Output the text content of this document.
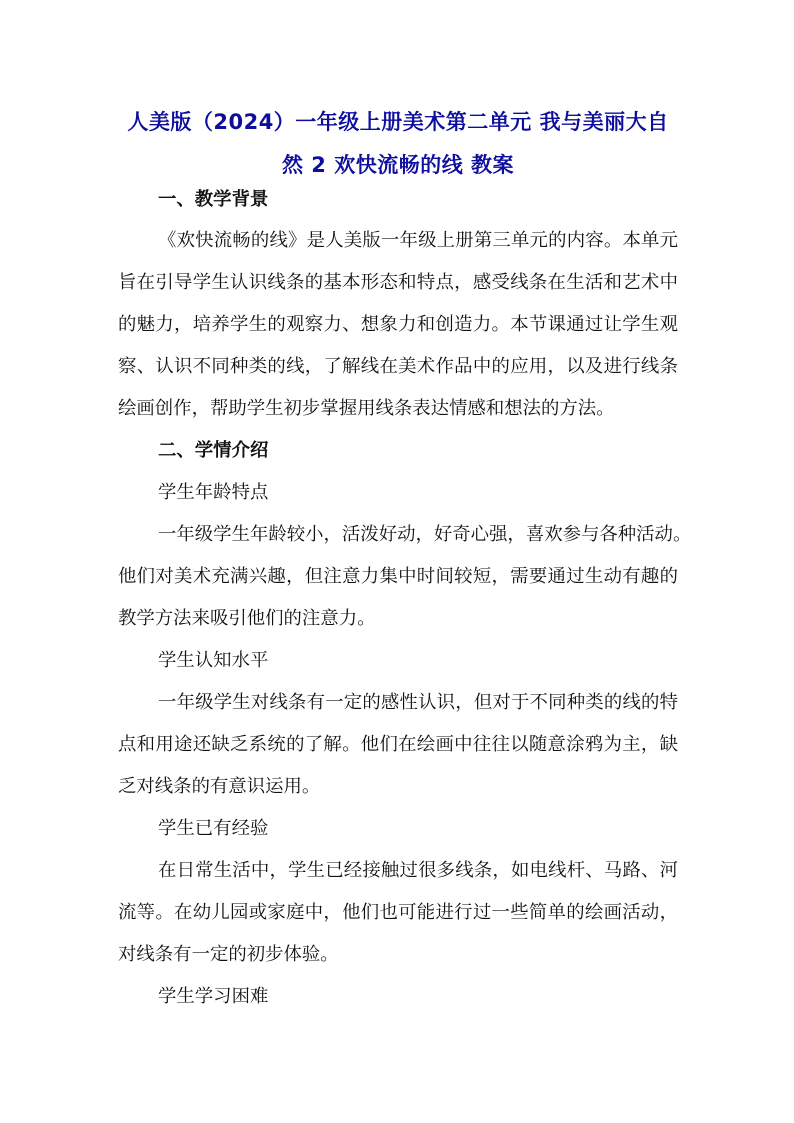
人美版（2024）一年级上册美术第二单元 我与美丽大自
然 2 欢快流畅的线 教案
一、教学背景
《欢快流畅的线》是人美版一年级上册第三单元的内容。本单元
旨在引导学生认识线条的基本形态和特点，感受线条在生活和艺术中
的魅力，培养学生的观察力、想象力和创造力。本节课通过让学生观
察、认识不同种类的线，了解线在美术作品中的应用，以及进行线条
绘画创作，帮助学生初步掌握用线条表达情感和想法的方法。
二、学情介绍
学生年龄特点
一年级学生年龄较小，活泼好动，好奇心强，喜欢参与各种活动。
他们对美术充满兴趣，但注意力集中时间较短，需要通过生动有趣的
教学方法来吸引他们的注意力。
学生认知水平
一年级学生对线条有一定的感性认识，但对于不同种类的线的特
点和用途还缺乏系统的了解。他们在绘画中往往以随意涂鸦为主，缺
乏对线条的有意识运用。
学生已有经验
在日常生活中，学生已经接触过很多线条，如电线杆、马路、河
流等。在幼儿园或家庭中，他们也可能进行过一些简单的绘画活动，
对线条有一定的初步体验。
学生学习困难
